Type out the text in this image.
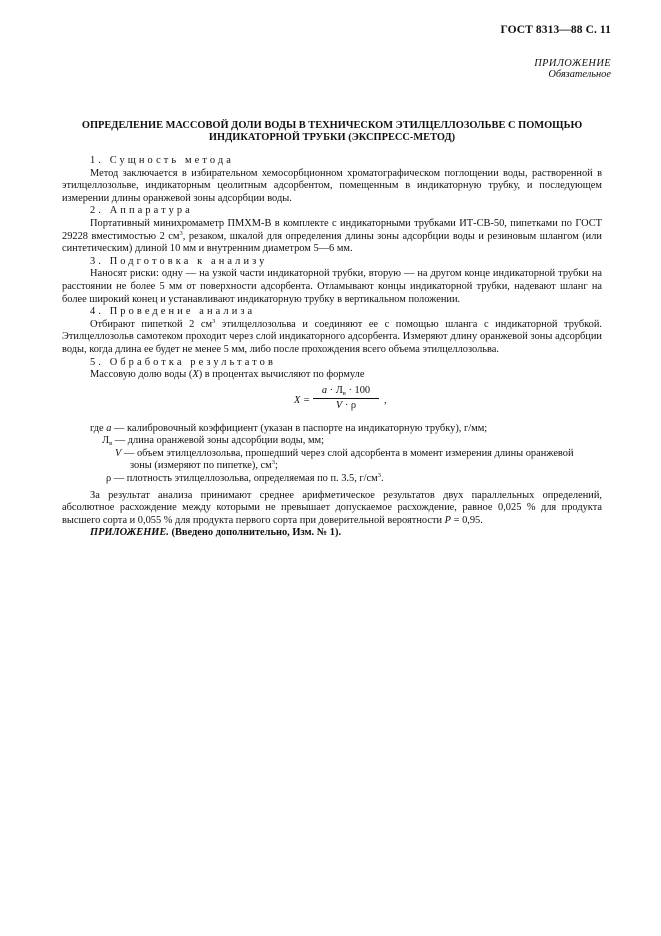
ГОСТ 8313—88 С. 11
ПРИЛОЖЕНИЕ
Обязательное
ОПРЕДЕЛЕНИЕ МАССОВОЙ ДОЛИ ВОДЫ В ТЕХНИЧЕСКОМ ЭТИЛЦЕЛЛОЗОЛЬВЕ С ПОМОЩЬЮ
ИНДИКАТОРНОЙ ТРУБКИ (ЭКСПРЕСС-МЕТОД)

1. Сущность метода

Метод заключается в избирательном хемосорбционном хроматографическом поглощении воды, растворенной в этилцеллозольве, индикаторным цеолитным адсорбентом, помещенным в индикаторную трубку, и последующем измерении длины оранжевой зоны адсорбции воды.

2. Аппаратура

Портативный минихромаметр ПМХМ-В в комплекте с индикаторными трубками ИТ-СВ-50, пипетками по ГОСТ 29228 вместимостью 2 $см^3$, резаком, шкалой для определения длины зоны адсорбции воды и резиновым шлангом (или синтетическим) длиной 10 мм и внутренним диаметром 5—6 мм.

3. Подготовка к анализу

Наносят риски: одну — на узкой части индикаторной трубки, вторую — на другом конце индикаторной трубки на расстоянии не более 5 мм от поверхности адсорбента. Отламывают концы индикаторной трубки, надевают шланг на более широкий конец и устанавливают индикаторную трубку в вертикальном положении.

4. Проведение анализа

Отбирают пипеткой 2 $см^3$ этилцеллозольва и соединяют ее с помощью шланга с индикаторной трубкой. Этилцеллозольв самотеком проходит через слой индикаторного адсорбента. Измеряют длину оранжевой зоны адсорбции воды, когда длина ее будет не менее 5 мм, либо после прохождения всего объема этилцеллозольва.

5. Обработка результатов

Массовую долю воды (X) в процентах вычисляют по формуле

X =
$a \cdot Л_в \cdot 100$
V · ρ
,
где a — калибровочный коэффициент (указан в паспорте на индикаторную трубку), г/мм;
$Л_в$ — длина оранжевой зоны адсорбции воды, мм;
V — объем этилцеллозольва, прошедший через слой адсорбента в момент измерения длины оранжевой
зоны (измеряют по пипетке), $см^3$;
ρ — плотность этилцеллозольва, определяемая по п. 3.5, $г/см^3$.

За результат анализа принимают среднее арифметическое результатов двух параллельных определений, абсолютное расхождение между которыми не превышает допускаемое расхождение, равное 0,025 % для продукта высшего сорта и 0,055 % для продукта первого сорта при доверительной вероятности P = 0,95.

ПРИЛОЖЕНИЕ. (Введено дополнительно, Изм. № 1).
